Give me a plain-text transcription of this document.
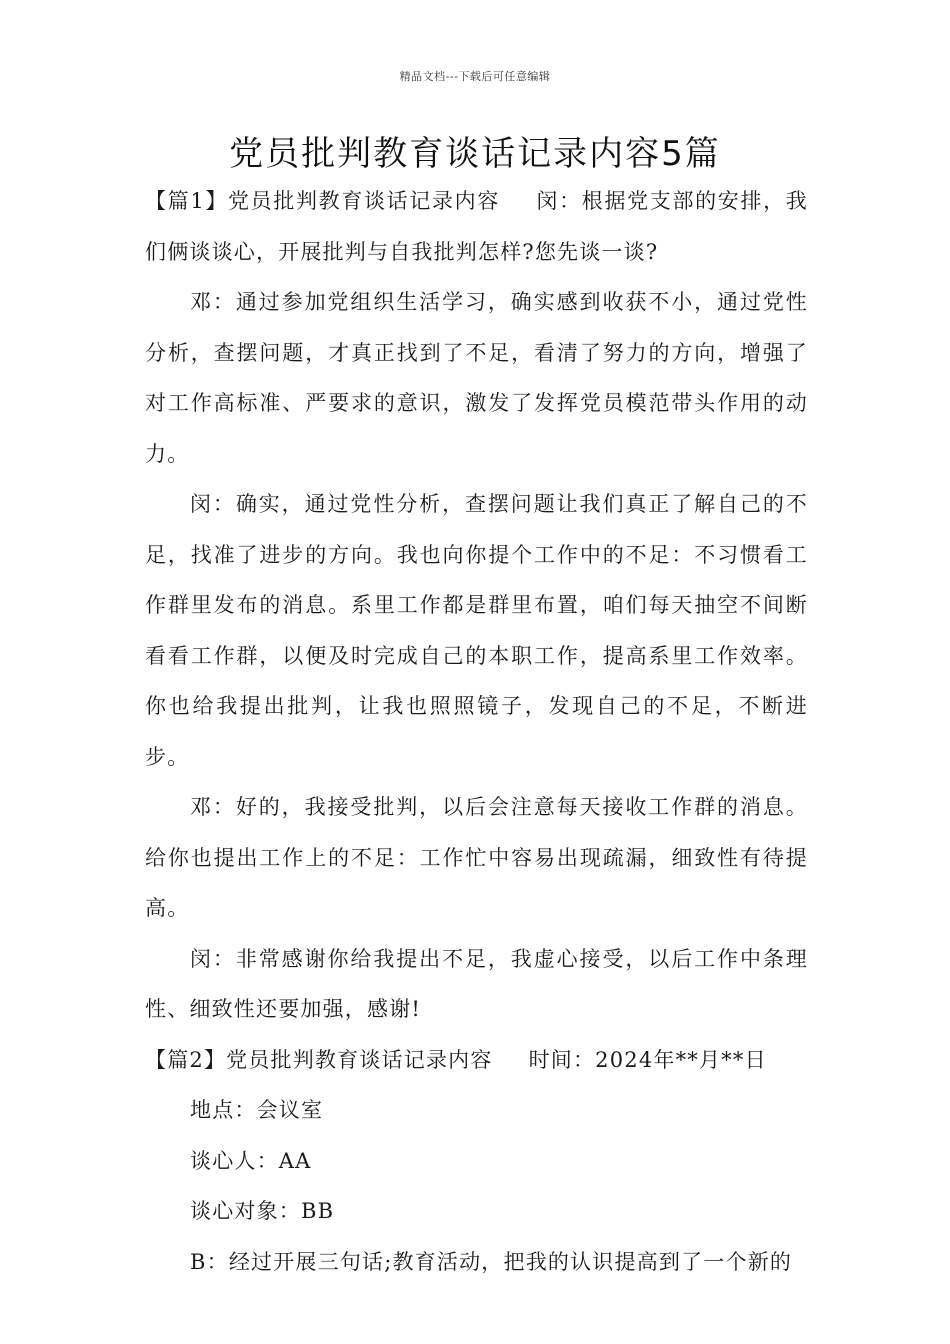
精品文档---下载后可任意编辑
党员批判教育谈话记录内容5篇

【篇1】党员批判教育谈话记录内容 闵：根据党支部的安排，我们俩谈谈心，开展批判与自我批判怎样?您先谈一谈?

邓：通过参加党组织生活学习，确实感到收获不小，通过党性分析，查摆问题，才真正找到了不足，看清了努力的方向，增强了对工作高标准、严要求的意识，激发了发挥党员模范带头作用的动力。

闵：确实，通过党性分析，查摆问题让我们真正了解自己的不足，找准了进步的方向。我也向你提个工作中的不足：不习惯看工作群里发布的消息。系里工作都是群里布置，咱们每天抽空不间断看看工作群，以便及时完成自己的本职工作，提高系里工作效率。你也给我提出批判，让我也照照镜子，发现自己的不足，不断进步。

邓：好的，我接受批判，以后会注意每天接收工作群的消息。给你也提出工作上的不足：工作忙中容易出现疏漏，细致性有待提高。

闵：非常感谢你给我提出不足，我虚心接受，以后工作中条理性、细致性还要加强，感谢!

【篇2】党员批判教育谈话记录内容 时间：2024年**月**日

地点：会议室

谈心人：AA

谈心对象：BB

B：经过开展三句话;教育活动，把我的认识提高到了一个新的
